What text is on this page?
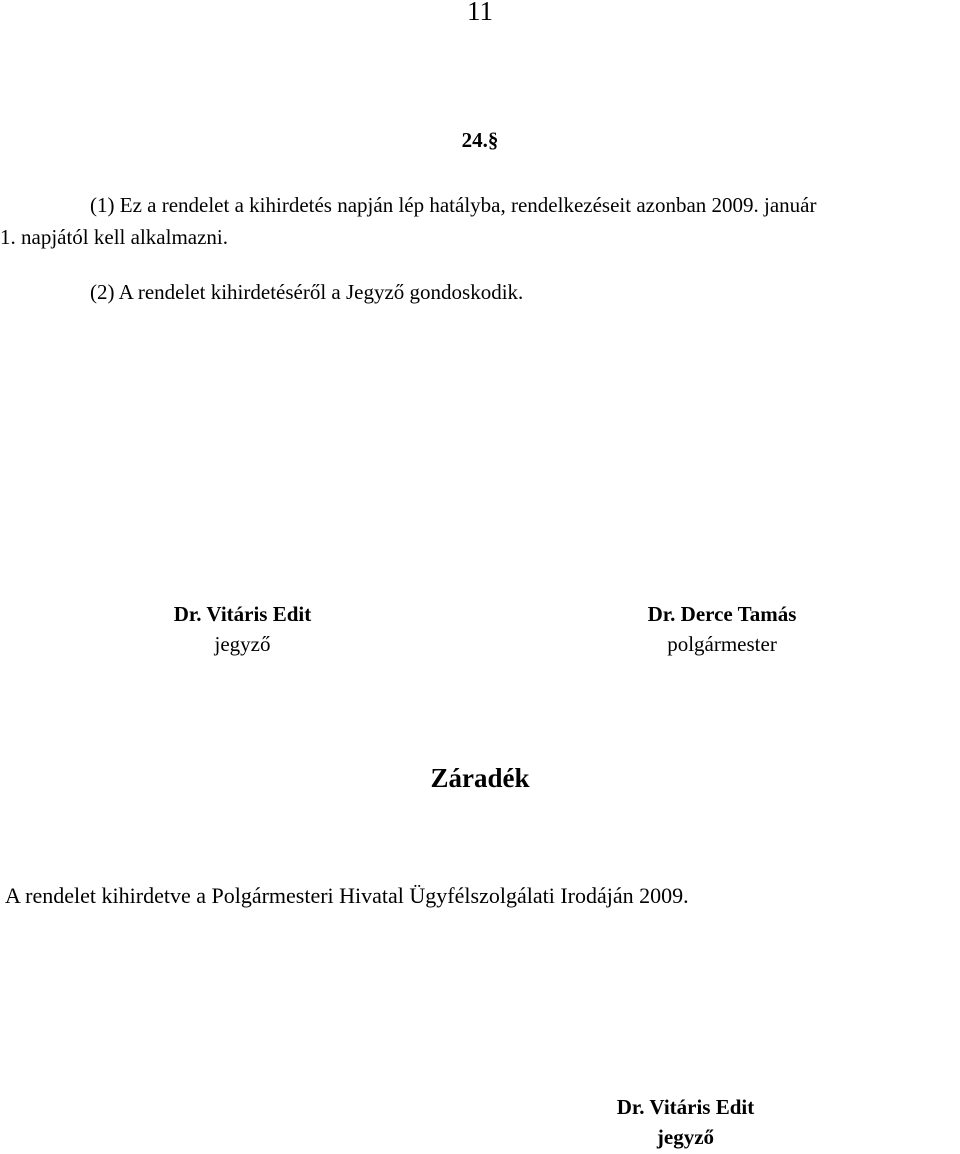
11
24.§
(1) Ez a rendelet a kihirdetés napján lép hatályba, rendelkezéseit azonban 2009. január
1. napjától kell alkalmazni.
(2) A rendelet kihirdetéséről a Jegyző gondoskodik.
Dr. Vitáris Edit
jegyző
Dr. Derce Tamás
polgármester
Záradék
A rendelet kihirdetve a Polgármesteri Hivatal Ügyfélszolgálati Irodáján 2009.
Dr. Vitáris Edit
jegyző
